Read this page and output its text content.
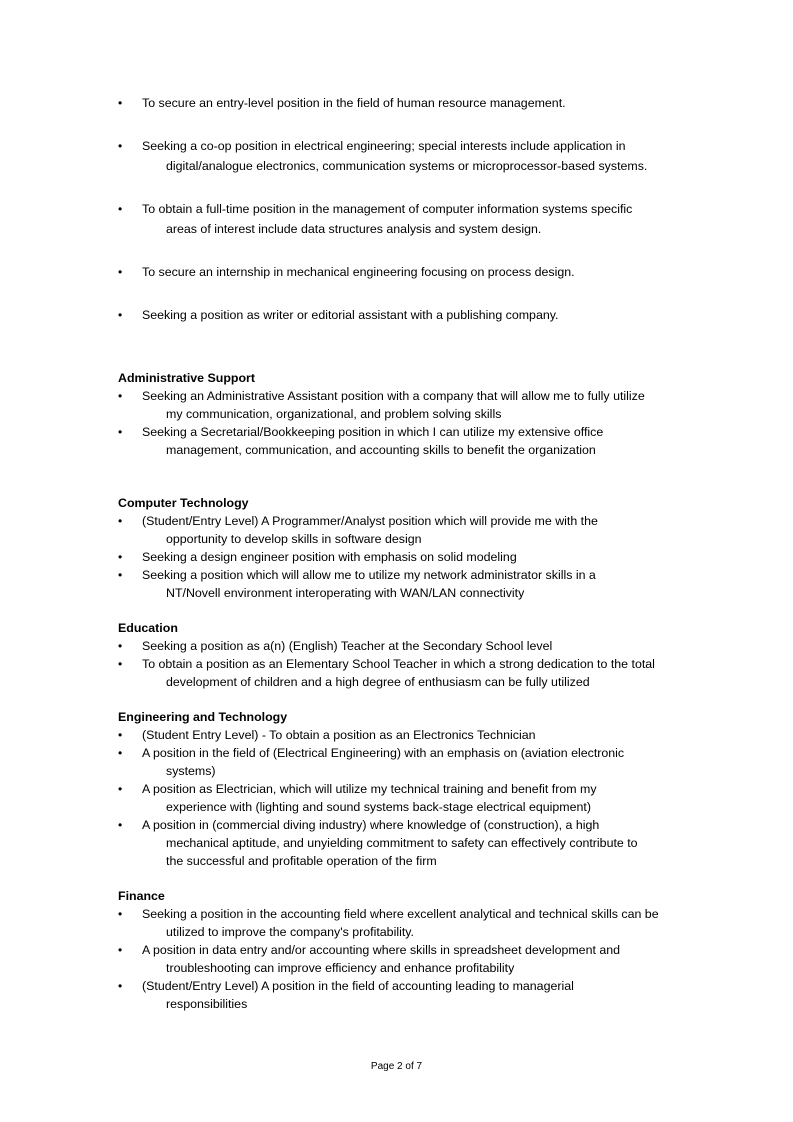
• To secure an entry-level position in the field of human resource management.
• Seeking a co-op position in electrical engineering; special interests include application in
digital/analogue electronics, communication systems or microprocessor-based systems.
• To obtain a full-time position in the management of computer information systems specific
areas of interest include data structures analysis and system design.
• To secure an internship in mechanical engineering focusing on process design.
• Seeking a position as writer or editorial assistant with a publishing company.
Administrative Support
• Seeking an Administrative Assistant position with a company that will allow me to fully utilize
my communication, organizational, and problem solving skills
• Seeking a Secretarial/Bookkeeping position in which I can utilize my extensive office
management, communication, and accounting skills to benefit the organization
Computer Technology
• (Student/Entry Level) A Programmer/Analyst position which will provide me with the
opportunity to develop skills in software design
• Seeking a design engineer position with emphasis on solid modeling
• Seeking a position which will allow me to utilize my network administrator skills in a
NT/Novell environment interoperating with WAN/LAN connectivity
Education
• Seeking a position as a(n) (English) Teacher at the Secondary School level
• To obtain a position as an Elementary School Teacher in which a strong dedication to the total
development of children and a high degree of enthusiasm can be fully utilized
Engineering and Technology
• (Student Entry Level) - To obtain a position as an Electronics Technician
• A position in the field of (Electrical Engineering) with an emphasis on (aviation electronic
systems)
• A position as Electrician, which will utilize my technical training and benefit from my
experience with (lighting and sound systems back-stage electrical equipment)
• A position in (commercial diving industry) where knowledge of (construction), a high
mechanical aptitude, and unyielding commitment to safety can effectively contribute to
the successful and profitable operation of the firm
Finance
• Seeking a position in the accounting field where excellent analytical and technical skills can be
utilized to improve the company's profitability.
• A position in data entry and/or accounting where skills in spreadsheet development and
troubleshooting can improve efficiency and enhance profitability
• (Student/Entry Level) A position in the field of accounting leading to managerial
responsibilities
Page 2 of 7
